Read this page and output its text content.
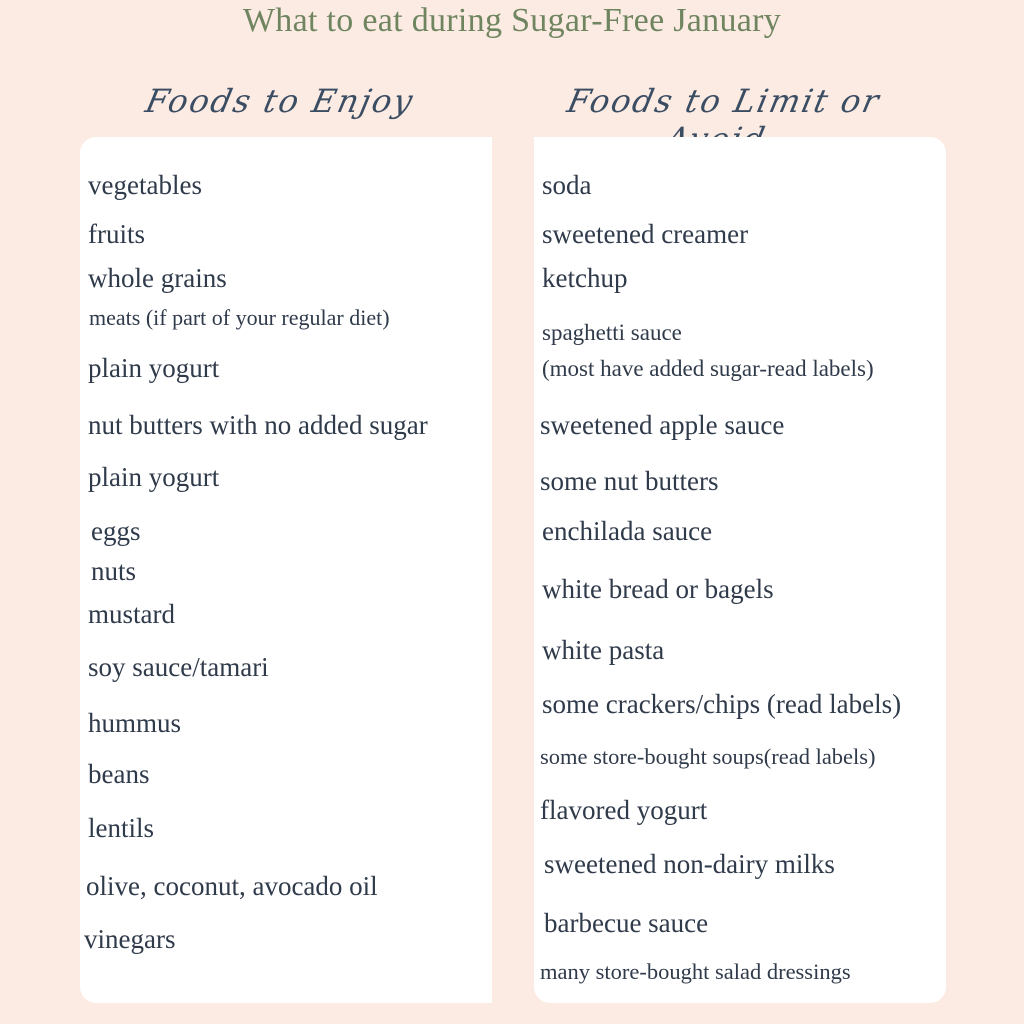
What to eat during Sugar-Free January
Foods to Enjoy	Foods to Limit or
vegetables
fruits
whole grains
meats (if part of your regular diet)
plain yogurt
nut butters with no added sugar
plain yogurt
eggs
nuts
mustard
soy sauce/tamari
hummus
beans
lentils
olive, coconut, avocado oil
vinegars
soda
sweetened creamer
ketchup
spaghetti sauce
(most have added sugar-read labels)
sweetened apple sauce
some nut butters
enchilada sauce
white bread or bagels
white pasta
some crackers/chips (read labels)
some store-bought soups(read labels)
flavored yogurt
sweetened non-dairy milks
barbecue sauce
many store-bought salad dressings
